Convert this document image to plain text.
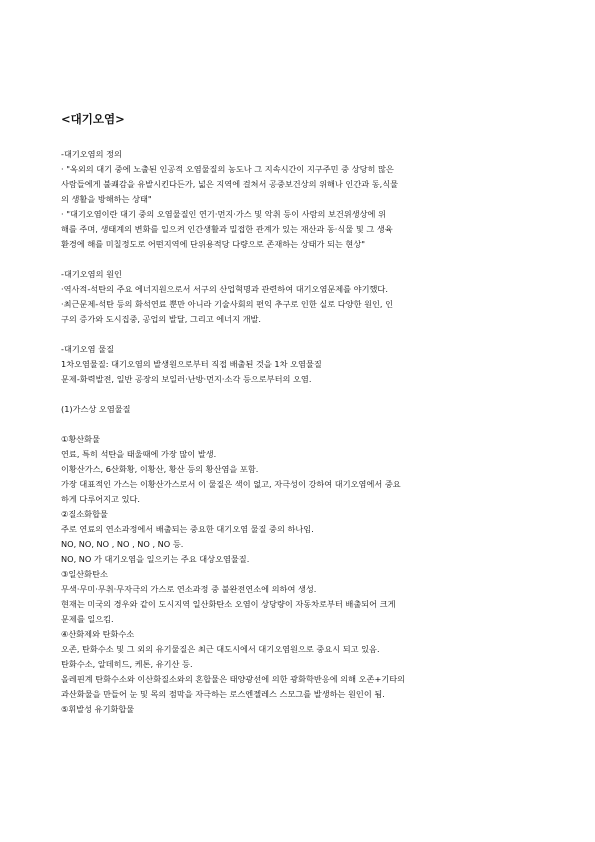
<대기오염>

-대기오염의 정의

· "옥외의 대기 중에 노출된 인공적 오염물질의 농도나 그 지속시간이 지구주민 중 상당히 많은

사람들에게 불쾌감을 유발시킨다든가, 넓은 지역에 걸쳐서 공중보건상의 위해나 인간과 동,식물

의 생활을 방해하는 상태"

· "대기오염이란 대기 중의 오염물질인 연기·먼지·가스 및 악취 등이 사람의 보건위생상에 위

해를 주며, 생태계의 변화를 일으켜 인간생활과 밀접한 관계가 있는 재산과 동·식물 및 그 생육

환경에 해를 미칠정도로 어떤지역에 단위용적당 다량으로 존재하는 상태가 되는 현상"

-대기오염의 원인

·역사적-석탄의 주요 에너지원으로서 서구의 산업혁명과 관련하여 대기오염문제를 야기했다.

·최근문제-석탄 등의 화석연료 뿐만 아니라 기술사회의 편익 추구로 인한 실로 다양한 원인, 인

구의 증가와 도시집중, 공업의 발달, 그리고 에너지 개발.

-대기오염 물질

1차오염물질: 대기오염의 발생원으로부터 직접 배출된 것을 1차 오염물질

문제-화력발전, 일반 공장의 보일러·난방·먼지·소각 등으로부터의 오염.

(1)가스상 오염물질

①황산화물

연료, 특히 석탄을 태울때에 가장 많이 발생.

이황산가스, 6산화황, 이황산, 황산 등의 황산염을 포함.

가장 대표적인 가스는 이황산가스로서 이 물질은 색이 없고, 자극성이 강하여 대기오염에서 중요

하게 다루어지고 있다.

②질소화합물

주로 연료의 연소과정에서 배출되는 중요한 대기오염 물질 중의 하나임.

NO, NO, NO , NO , NO , NO 등.

NO, NO 가 대기오염을 일으키는 주요 대상오염물질.

③일산화탄소

무색·무미·무취·무자극의 가스로 연소과정 중 불완전연소에 의하여 생성.

현재는 미국의 경우와 같이 도시지역 일산화탄소 오염이 상당량이 자동차로부터 배출되어 크게

문제를 일으킴.

④산화제와 탄화수소

오존, 탄화수소 및 그 외의 유기물질은 최근 대도시에서 대기오염원으로 중요시 되고 있음.

탄화수소, 알데히드, 케톤, 유기산 등.

올레핀계 탄화수소와 이산화질소와의 혼합물은 태양광선에 의한 광화학반응에 의해 오존+기타의

과산화물을 만들어 눈 및 목의 점막을 자극하는 로스엔젤레스 스모그를 발생하는 원인이 됨.

⑤휘발성 유기화합물
